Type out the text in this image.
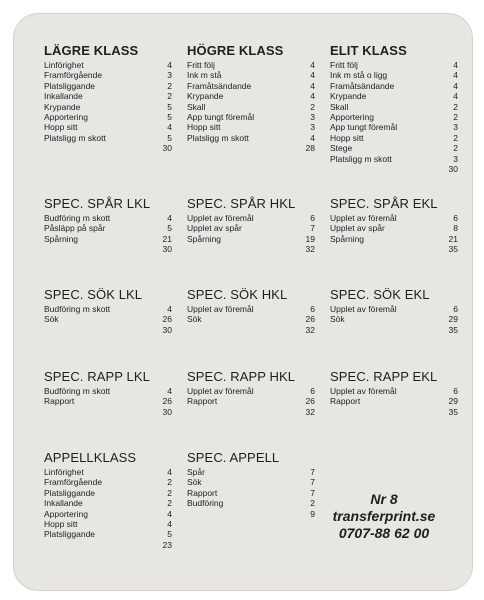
LÄGRE KLASS
Linförighet	4
Framförgående	3
Platsliggande	2
Inkallande	2
Krypande	5
Apportering	5
Hopp sitt	4
Platsligg m skott	5
30
HÖGRE KLASS
Fritt följ	4
Ink m stå	4
Framåtsändande	4
Krypande	4
Skall	2
App tungt föremål	3
Hopp sitt	3
Platsligg m skott	4
28
ELIT KLASS
Fritt följ	4
Ink m stå o ligg	4
Framåtsändande	4
Krypande	4
Skall	2
Apportering	2
App tungt föremål	3
Hopp sitt	2
Stege	2
Platsligg m skott	3
30
SPEC. SPÅR LKL
Budföring m skott	4
Påsläpp på spår	5
Spårning	21
30
SPEC. SPÅR HKL
Upplet av föremål	6
Upplet av spår	7
Spårning	19
32
SPEC. SPÅR EKL
Upplet av föremål	6
Upplet av spår	8
Spårning	21
35
SPEC. SÖK LKL
Budföring m skott	4
Sök	26
30
SPEC. SÖK HKL
Upplet av föremål	6
Sök	26
32
SPEC. SÖK EKL
Upplet av föremål	6
Sök	29
35
SPEC. RAPP LKL
Budföring m skott	4
Rapport	26
30
SPEC. RAPP HKL
Upplet av föremål	6
Rapport	26
32
SPEC. RAPP EKL
Upplet av föremål	6
Rapport	29
35
APPELLKLASS
Linförighet	4
Framförgående	2
Platsliggande	2
Inkallande	2
Apportering	4
Hopp sitt	4
Platsliggande	5
23
SPEC. APPELL
Spår	7
Sök	7
Rapport	7
Budföring	2
9
Nr 8
transferprint.se
0707-88 62 00
